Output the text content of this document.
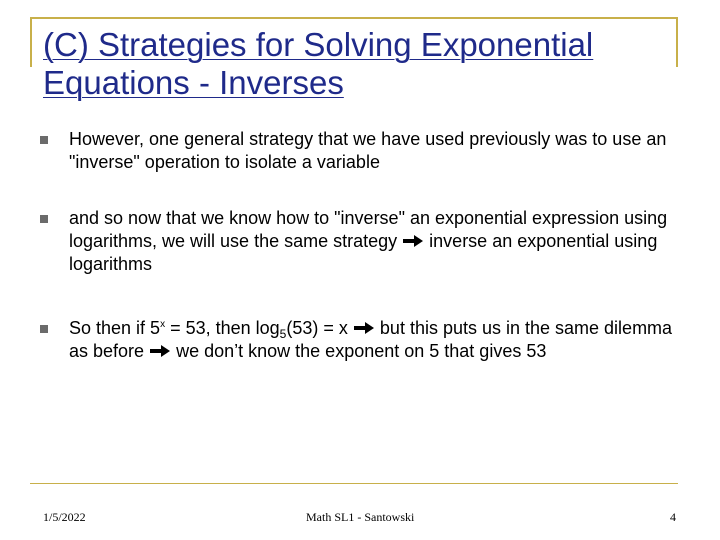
(C) Strategies for Solving Exponential
Equations - Inverses
However, one general strategy that we have used previously was to use an "inverse" operation to isolate a variable
and so now that we know how to "inverse" an exponential expression using logarithms, we will use the same strategy inverse an exponential using logarithms
So then if $5^x = 53$, then $\log_5(53) = x$ but this puts us in the same dilemma as before we don’t know the exponent on 5 that gives 53
1/5/2022	Math SL1 - Santowski	4
